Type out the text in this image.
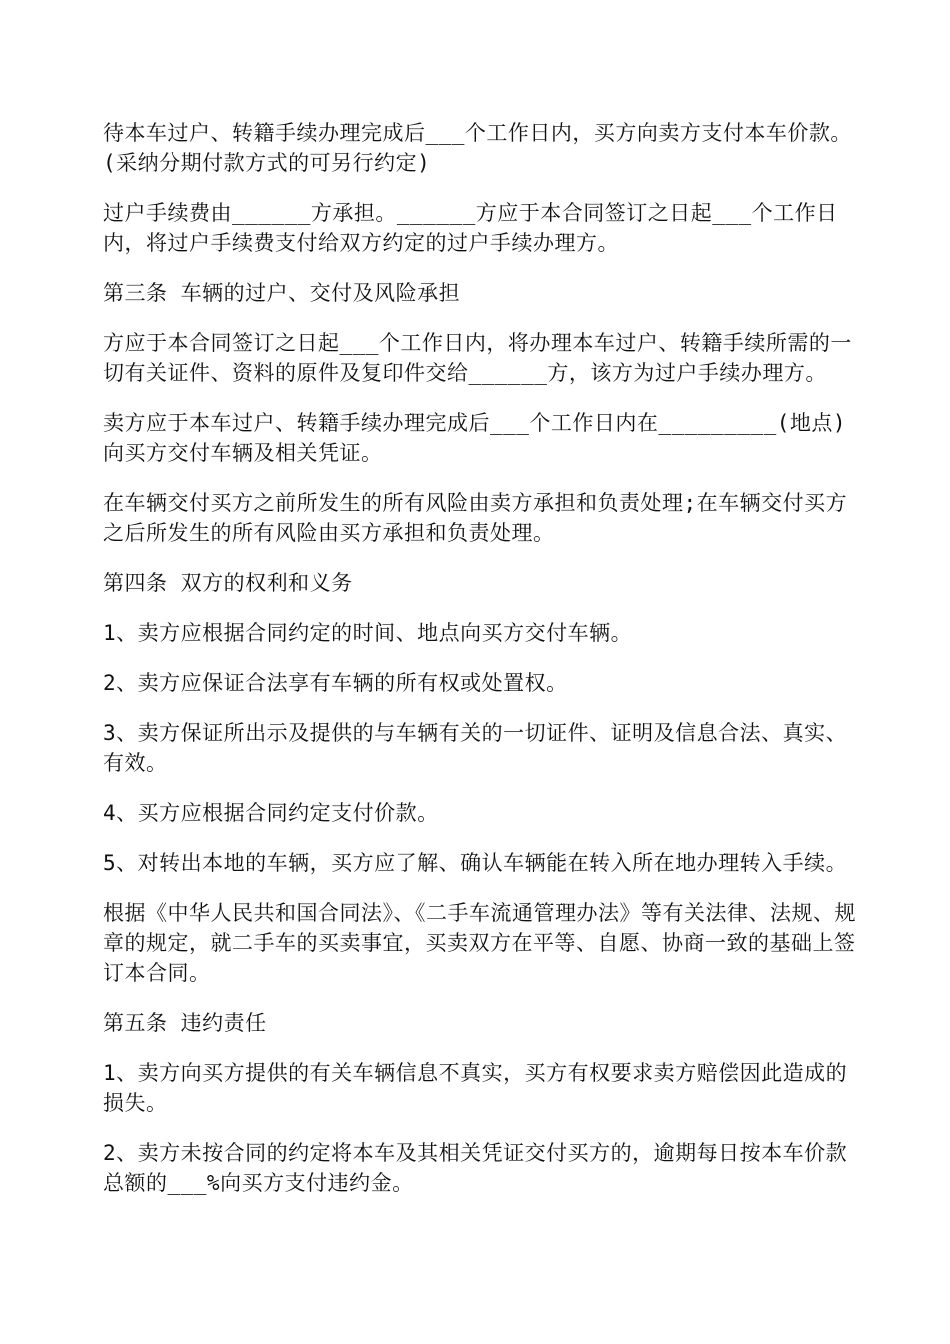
待本车过户、转籍手续办理完成后___个工作日内，买方向卖方支付本车价款。(采纳分期付款方式的可另行约定)

过户手续费由______方承担。______方应于本合同签订之日起___个工作日内，将过户手续费支付给双方约定的过户手续办理方。

第三条 车辆的过户、交付及风险承担

方应于本合同签订之日起___个工作日内，将办理本车过户、转籍手续所需的一切有关证件、资料的原件及复印件交给______方，该方为过户手续办理方。

卖方应于本车过户、转籍手续办理完成后___个工作日内在_________(地点)向买方交付车辆及相关凭证。

在车辆交付买方之前所发生的所有风险由卖方承担和负责处理;在车辆交付买方之后所发生的所有风险由买方承担和负责处理。

第四条 双方的权利和义务

1、卖方应根据合同约定的时间、地点向买方交付车辆。

2、卖方应保证合法享有车辆的所有权或处置权。

3、卖方保证所出示及提供的与车辆有关的一切证件、证明及信息合法、真实、有效。

4、买方应根据合同约定支付价款。

5、对转出本地的车辆，买方应了解、确认车辆能在转入所在地办理转入手续。

根据《中华人民共和国合同法》、《二手车流通管理办法》等有关法律、法规、规章的规定，就二手车的买卖事宜，买卖双方在平等、自愿、协商一致的基础上签订本合同。

第五条 违约责任

1、卖方向买方提供的有关车辆信息不真实，买方有权要求卖方赔偿因此造成的损失。

2、卖方未按合同的约定将本车及其相关凭证交付买方的，逾期每日按本车价款总额的___%向买方支付违约金。
